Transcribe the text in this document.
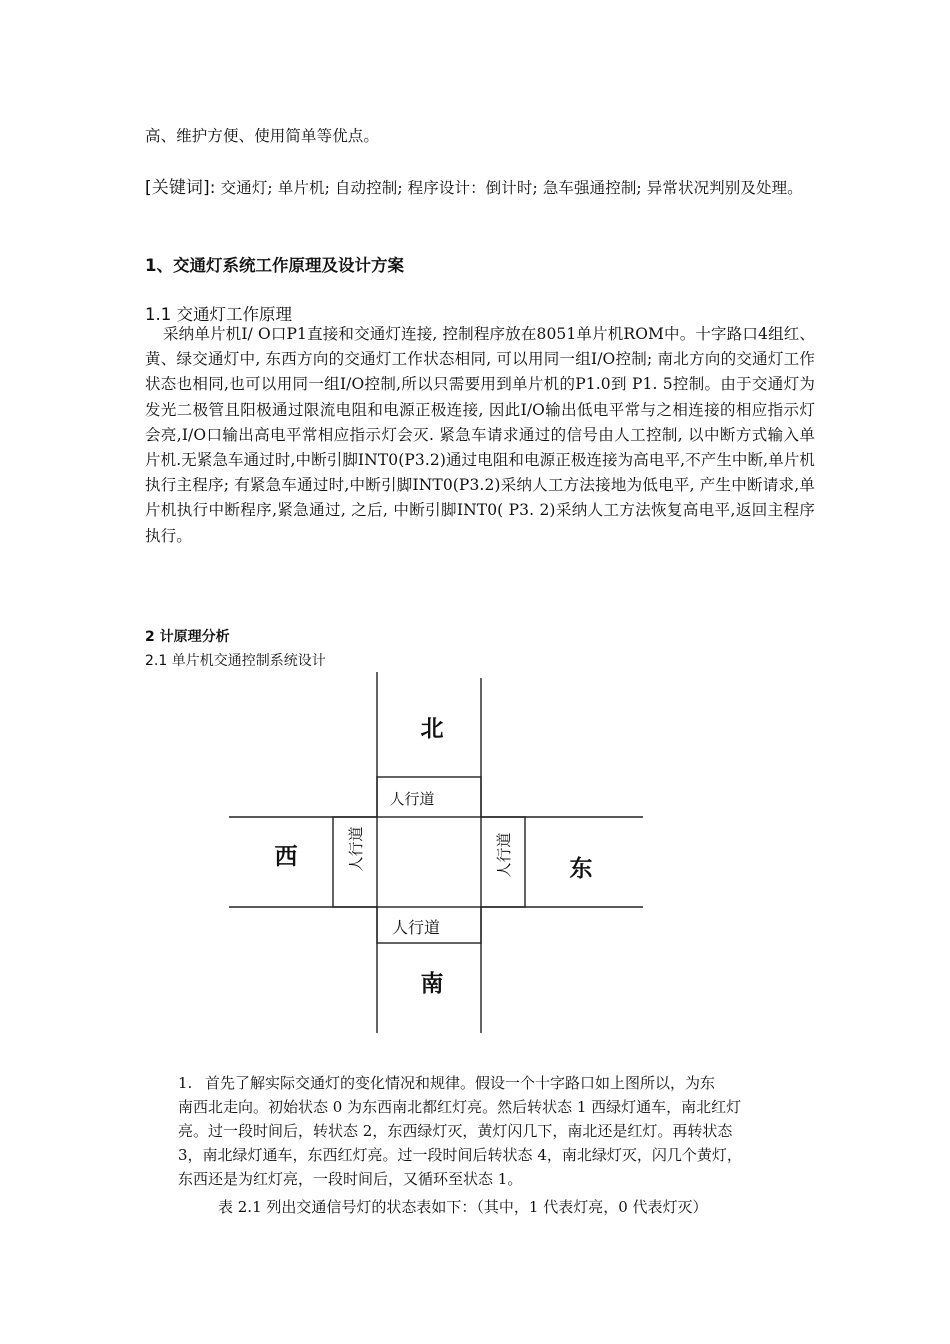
高、维护方便、使用简单等优点。

[关键词]: 交通灯; 单片机; 自动控制; 程序设计：倒计时; 急车强通控制; 异常状况判别及处理。

1、交通灯系统工作原理及设计方案

1.1 交通灯工作原理

采纳单片机I/ O口P1直接和交通灯连接, 控制程序放在8051单片机ROM中。十字路口4组红、黄、绿交通灯中, 东西方向的交通灯工作状态相同, 可以用同一组I/O控制; 南北方向的交通灯工作状态也相同,也可以用同一组I/O控制,所以只需要用到单片机的P1.0到 P1. 5控制。由于交通灯为发光二极管且阳极通过限流电阻和电源正极连接, 因此I/O输出低电平常与之相连接的相应指示灯会亮,I/O口输出高电平常相应指示灯会灭. 紧急车请求通过的信号由人工控制, 以中断方式输入单片机.无紧急车通过时,中断引脚INT0(P3.2)通过电阻和电源正极连接为高电平,不产生中断,单片机执行主程序; 有紧急车通过时,中断引脚INT0(P3.2)采纳人工方法接地为低电平, 产生中断请求,单片机执行中断程序,紧急通过, 之后, 中断引脚INT0( P3. 2)采纳人工方法恢复高电平,返回主程序执行。

2 计原理分析

2.1 单片机交通控制系统设计

北
南
西	东
人行道
人行道
人行道	人行道
1. 首先了解实际交通灯的变化情况和规律。假设一个十字路口如上图所以，为东
南西北走向。初始状态 0 为东西南北都红灯亮。然后转状态 1 西绿灯通车，南北红灯
亮。过一段时间后，转状态 2，东西绿灯灭，黄灯闪几下，南北还是红灯。再转状态
3，南北绿灯通车，东西红灯亮。过一段时间后转状态 4，南北绿灯灭，闪几个黄灯，
东西还是为红灯亮，一段时间后，又循环至状态 1。

表 2.1 列出交通信号灯的状态表如下：（其中，1 代表灯亮，0 代表灯灭）
